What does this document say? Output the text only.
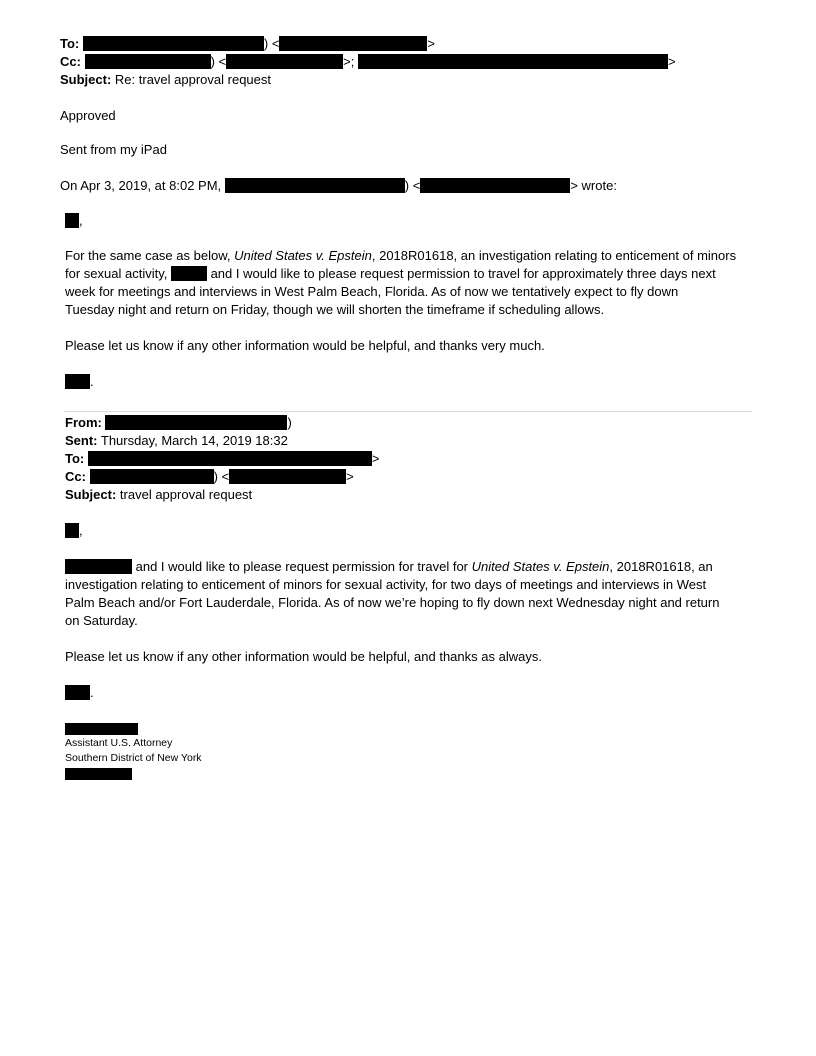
To:	) <	>
Cc:	) <	>;	>
Subject: Re: travel approval request
Approved
Sent from my iPad
On Apr 3, 2019, at 8:02 PM,	) <	> wrote:
,
For the same case as below, United States v. Epstein, 2018R01618, an investigation relating to enticement of minors
for sexual activity,	and I would like to please request permission to travel for approximately three days next
week for meetings and interviews in West Palm Beach, Florida. As of now we tentatively expect to fly down
Tuesday night and return on Friday, though we will shorten the timeframe if scheduling allows.
Please let us know if any other information would be helpful, and thanks very much.
.
From:	)
Sent: Thursday, March 14, 2019 18:32
To:	>
Cc:	) <	>
Subject: travel approval request
,
and I would like to please request permission for travel for United States v. Epstein, 2018R01618, an
investigation relating to enticement of minors for sexual activity, for two days of meetings and interviews in West
Palm Beach and/or Fort Lauderdale, Florida. As of now we’re hoping to fly down next Wednesday night and return
on Saturday.
Please let us know if any other information would be helpful, and thanks as always.
.
Assistant U.S. Attorney
Southern District of New York
